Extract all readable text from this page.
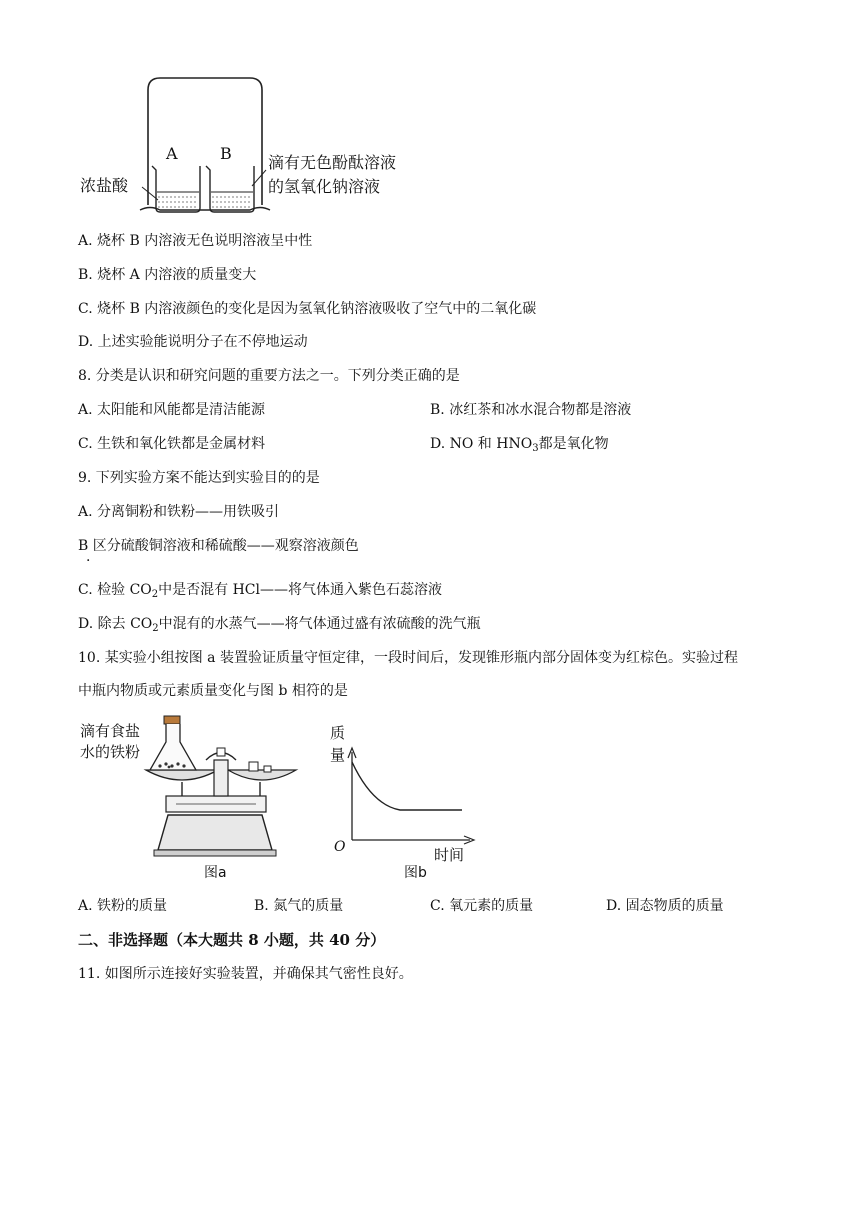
A	B
浓盐酸
滴有无色酚酞溶液
的氢氧化钠溶液
A. 烧杯 B 内溶液无色说明溶液呈中性
B. 烧杯 A 内溶液的质量变大
C. 烧杯 B 内溶液颜色的变化是因为氢氧化钠溶液吸收了空气中的二氧化碳
D. 上述实验能说明分子在不停地运动
8. 分类是认识和研究问题的重要方法之一。下列分类正确的是
A. 太阳能和风能都是清洁能源	B. 冰红茶和冰水混合物都是溶液
C. 生铁和氧化铁都是金属材料	D. NO 和 $HNO_3$都是氧化物
9. 下列实验方案不能达到实验目的的是
A. 分离铜粉和铁粉——用铁吸引
B 区分硫酸铜溶液和稀硫酸——观察溶液颜色
·
C. 检验 $CO_2$中是否混有 HCl——将气体通入紫色石蕊溶液
D. 除去 $CO_2$中混有的水蒸气——将气体通过盛有浓硫酸的洗气瓶
10. 某实验小组按图 a 装置验证质量守恒定律，一段时间后，发现锥形瓶内部分固体变为红棕色。实验过程
中瓶内物质或元素质量变化与图 b 相符的是
滴有食盐
水的铁粉
图a
质
量
O	时间
图b
A. 铁粉的质量	B. 氮气的质量	C. 氧元素的质量	D. 固态物质的质量
二、非选择题（本大题共 8 小题，共 40 分）
11. 如图所示连接好实验装置，并确保其气密性良好。
